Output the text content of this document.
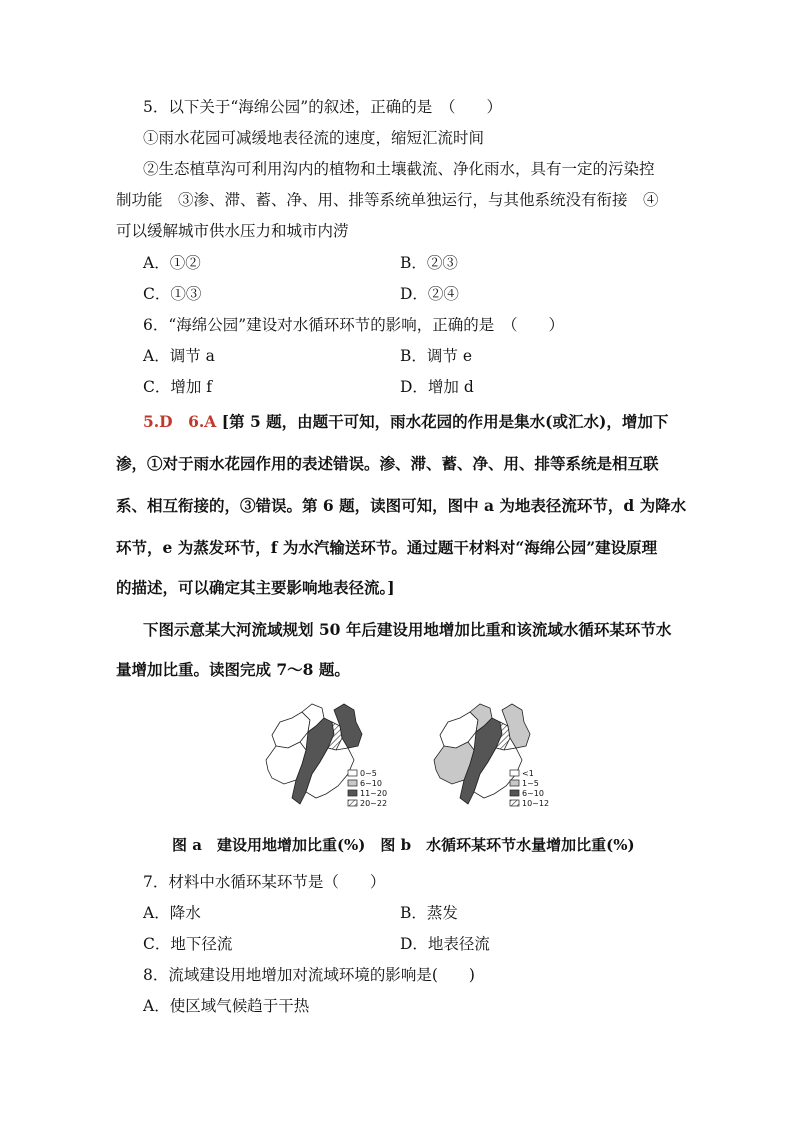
5．以下关于“海绵公园”的叙述，正确的是　（　　）
①雨水花园可减缓地表径流的速度，缩短汇流时间
②生态植草沟可利用沟内的植物和土壤截流、净化雨水，具有一定的污染控
制功能　③渗、滞、蓄、净、用、排等系统单独运行，与其他系统没有衔接　④
可以缓解城市供水压力和城市内涝
A．①②	B．②③
C．①③	D．②④
6．“海绵公园”建设对水循环环节的影响，正确的是　（　　）
A．调节 a	B．调节 e
C．增加 f	D．增加 d
5.D　6.A [第 5 题，由题干可知，雨水花园的作用是集水(或汇水)，增加下
渗，①对于雨水花园作用的表述错误。渗、滞、蓄、净、用、排等系统是相互联
系、相互衔接的，③错误。第 6 题，读图可知，图中 a 为地表径流环节，d 为降水
环节，e 为蒸发环节，f 为水汽输送环节。通过题干材料对“海绵公园”建设原理
的描述，可以确定其主要影响地表径流。]
下图示意某大河流域规划 50 年后建设用地增加比重和该流域水循环某环节水
量增加比重。读图完成 7～8 题。
0~5
6~10
11~20
20~22
<1
1~5
6~10
10~12
图 a　建设用地增加比重(%)　图 b　水循环某环节水量增加比重(%)
7．材料中水循环某环节是（　　）
A．降水	B．蒸发
C．地下径流	D．地表径流
8．流域建设用地增加对流域环境的影响是(　　)
A．使区域气候趋于干热
